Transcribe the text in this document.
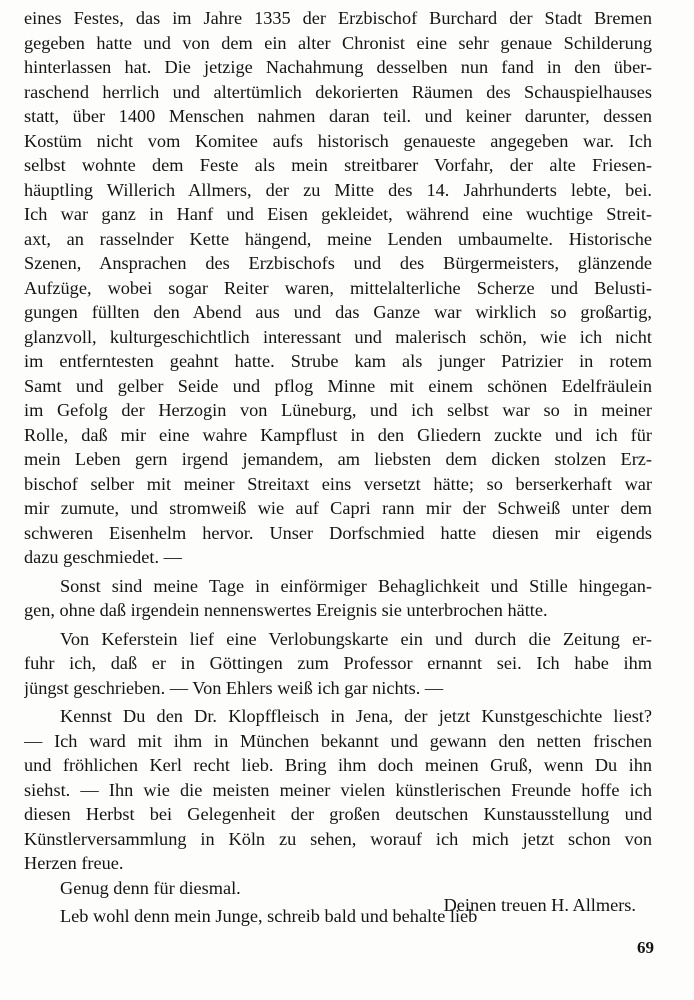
eines Festes, das im Jahre 1335 der Erzbischof Burchard der Stadt Bremen
gegeben hatte und von dem ein alter Chronist eine sehr genaue Schilderung
hinterlassen hat. Die jetzige Nachahmung desselben nun fand in den über-
raschend herrlich und altertümlich dekorierten Räumen des Schauspielhauses
statt, über 1400 Menschen nahmen daran teil. und keiner darunter, dessen
Kostüm nicht vom Komitee aufs historisch genaueste angegeben war. Ich
selbst wohnte dem Feste als mein streitbarer Vorfahr, der alte Friesen-
häuptling Willerich Allmers, der zu Mitte des 14. Jahrhunderts lebte, bei.
Ich war ganz in Hanf und Eisen gekleidet, während eine wuchtige Streit-
axt, an rasselnder Kette hängend, meine Lenden umbaumelte. Historische
Szenen, Ansprachen des Erzbischofs und des Bürgermeisters, glänzende
Aufzüge, wobei sogar Reiter waren, mittelalterliche Scherze und Belusti-
gungen füllten den Abend aus und das Ganze war wirklich so großartig,
glanzvoll, kulturgeschichtlich interessant und malerisch schön, wie ich nicht
im entferntesten geahnt hatte. Strube kam als junger Patrizier in rotem
Samt und gelber Seide und pflog Minne mit einem schönen Edelfräulein
im Gefolg der Herzogin von Lüneburg, und ich selbst war so in meiner
Rolle, daß mir eine wahre Kampflust in den Gliedern zuckte und ich für
mein Leben gern irgend jemandem, am liebsten dem dicken stolzen Erz-
bischof selber mit meiner Streitaxt eins versetzt hätte; so berserkerhaft war
mir zumute, und stromweiß wie auf Capri rann mir der Schweiß unter dem
schweren Eisenhelm hervor. Unser Dorfschmied hatte diesen mir eigends
dazu geschmiedet. —
Sonst sind meine Tage in einförmiger Behaglichkeit und Stille hingegan-
gen, ohne daß irgendein nennenswertes Ereignis sie unterbrochen hätte.
Von Keferstein lief eine Verlobungskarte ein und durch die Zeitung er-
fuhr ich, daß er in Göttingen zum Professor ernannt sei. Ich habe ihm
jüngst geschrieben. — Von Ehlers weiß ich gar nichts. —
Kennst Du den Dr. Klopffleisch in Jena, der jetzt Kunstgeschichte liest?
— Ich ward mit ihm in München bekannt und gewann den netten frischen
und fröhlichen Kerl recht lieb. Bring ihm doch meinen Gruß, wenn Du ihn
siehst. — Ihn wie die meisten meiner vielen künstlerischen Freunde hoffe ich
diesen Herbst bei Gelegenheit der großen deutschen Kunstausstellung und
Künstlerversammlung in Köln zu sehen, worauf ich mich jetzt schon von
Herzen freue.
Genug denn für diesmal.
Leb wohl denn mein Junge, schreib bald und behalte lieb
Deinen treuen H. Allmers.
69
